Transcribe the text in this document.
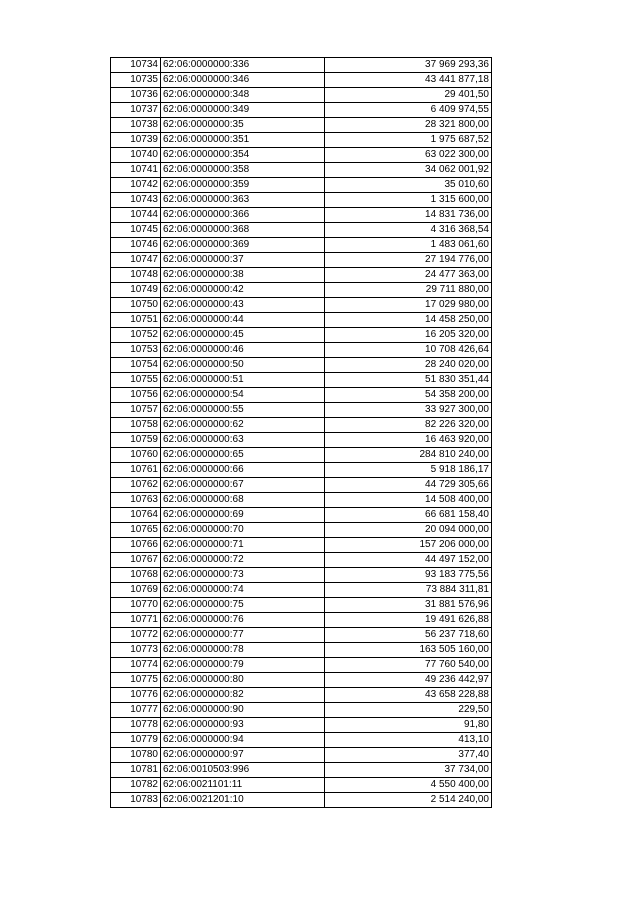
10734	62:06:0000000:336	37 969 293,36
10735	62:06:0000000:346	43 441 877,18
10736	62:06:0000000:348	29 401,50
10737	62:06:0000000:349	6 409 974,55
10738	62:06:0000000:35	28 321 800,00
10739	62:06:0000000:351	1 975 687,52
10740	62:06:0000000:354	63 022 300,00
10741	62:06:0000000:358	34 062 001,92
10742	62:06:0000000:359	35 010,60
10743	62:06:0000000:363	1 315 600,00
10744	62:06:0000000:366	14 831 736,00
10745	62:06:0000000:368	4 316 368,54
10746	62:06:0000000:369	1 483 061,60
10747	62:06:0000000:37	27 194 776,00
10748	62:06:0000000:38	24 477 363,00
10749	62:06:0000000:42	29 711 880,00
10750	62:06:0000000:43	17 029 980,00
10751	62:06:0000000:44	14 458 250,00
10752	62:06:0000000:45	16 205 320,00
10753	62:06:0000000:46	10 708 426,64
10754	62:06:0000000:50	28 240 020,00
10755	62:06:0000000:51	51 830 351,44
10756	62:06:0000000:54	54 358 200,00
10757	62:06:0000000:55	33 927 300,00
10758	62:06:0000000:62	82 226 320,00
10759	62:06:0000000:63	16 463 920,00
10760	62:06:0000000:65	284 810 240,00
10761	62:06:0000000:66	5 918 186,17
10762	62:06:0000000:67	44 729 305,66
10763	62:06:0000000:68	14 508 400,00
10764	62:06:0000000:69	66 681 158,40
10765	62:06:0000000:70	20 094 000,00
10766	62:06:0000000:71	157 206 000,00
10767	62:06:0000000:72	44 497 152,00
10768	62:06:0000000:73	93 183 775,56
10769	62:06:0000000:74	73 884 311,81
10770	62:06:0000000:75	31 881 576,96
10771	62:06:0000000:76	19 491 626,88
10772	62:06:0000000:77	56 237 718,60
10773	62:06:0000000:78	163 505 160,00
10774	62:06:0000000:79	77 760 540,00
10775	62:06:0000000:80	49 236 442,97
10776	62:06:0000000:82	43 658 228,88
10777	62:06:0000000:90	229,50
10778	62:06:0000000:93	91,80
10779	62:06:0000000:94	413,10
10780	62:06:0000000:97	377,40
10781	62:06:0010503:996	37 734,00
10782	62:06:0021101:11	4 550 400,00
10783	62:06:0021201:10	2 514 240,00
